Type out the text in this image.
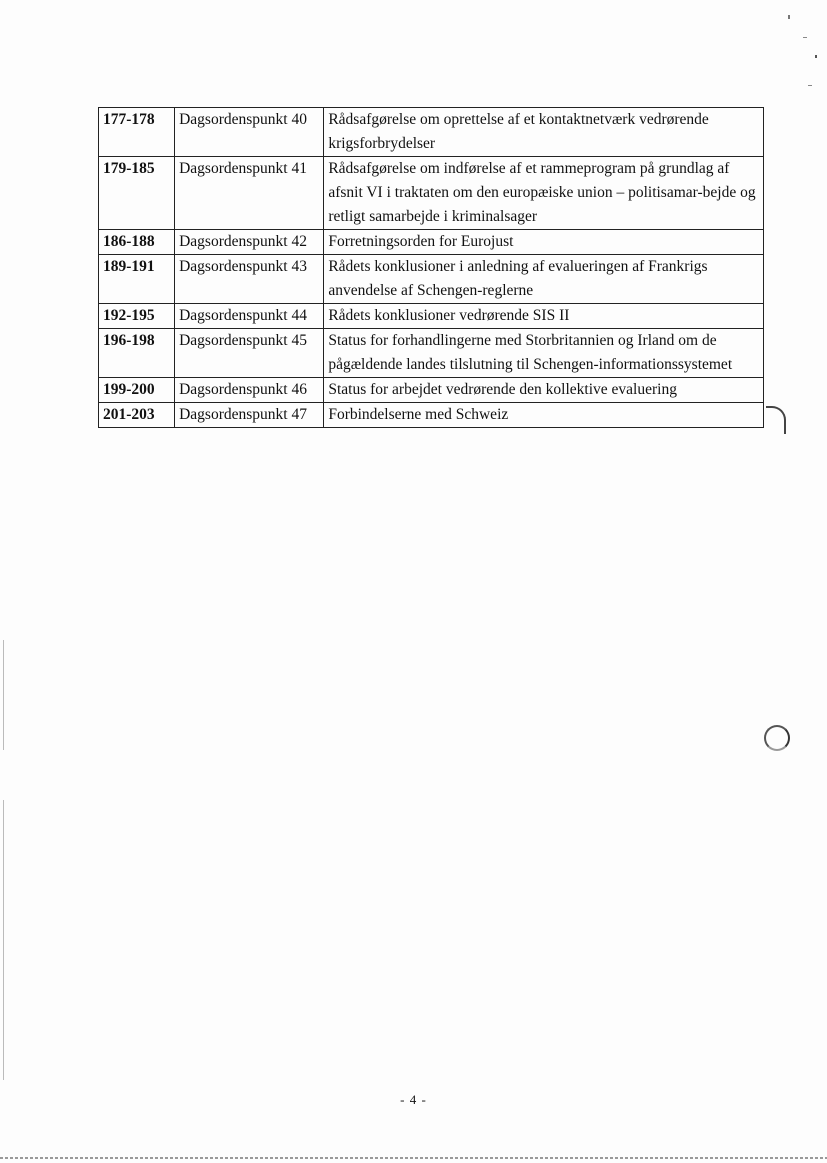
177-178	Dagsordenspunkt 40	Rådsafgørelse om oprettelse af et kontaktnetværk vedrørende krigsforbrydelser
179-185	Dagsordenspunkt 41	Rådsafgørelse om indførelse af et rammeprogram på grundlag af afsnit VI i traktaten om den europæiske union – politisamar-bejde og retligt samarbejde i kriminalsager
186-188	Dagsordenspunkt 42	Forretningsorden for Eurojust
189-191	Dagsordenspunkt 43	Rådets konklusioner i anledning af evalueringen af Frankrigs anvendelse af Schengen-reglerne
192-195	Dagsordenspunkt 44	Rådets konklusioner vedrørende SIS II
196-198	Dagsordenspunkt 45	Status for forhandlingerne med Storbritannien og Irland om de pågældende landes tilslutning til Schengen-informationssystemet
199-200	Dagsordenspunkt 46	Status for arbejdet vedrørende den kollektive evaluering
201-203	Dagsordenspunkt 47	Forbindelserne med Schweiz
- 4 -
